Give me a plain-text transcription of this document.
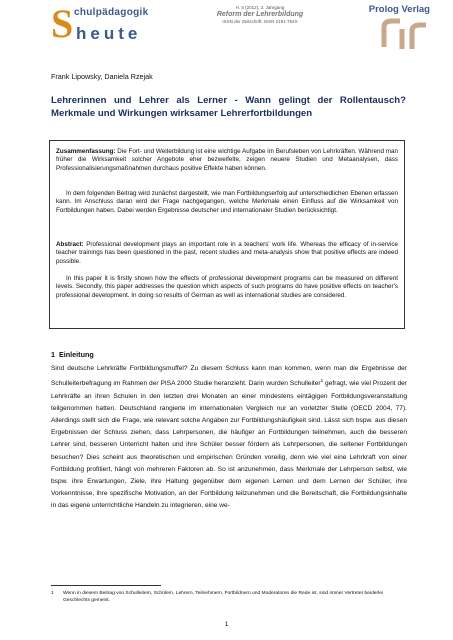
S chulpädagogik
heute
H. 5 (2012), 3. Jahrgang
Reform der Lehrerbildung
ISSN der Zeitschrift: ISSN 2191-754X
Prolog Verlag
Frank Lipowsky, Daniela Rzejak
Lehrerinnen und Lehrer als Lerner - Wann gelingt der Rollentausch? Merkmale und Wirkungen wirksamer Lehrerfortbildungen
Zusammenfassung: Die Fort- und Weiterbildung ist eine wichtige Aufgabe im Berufsleben von Lehrkräften. Während man früher die Wirksamkeit solcher Angebote eher bezweifelte, zeigen neuere Studien und Metaanalysen, dass Professionalisierungsmaßnahmen durchaus positive Effekte haben können.
In dem folgenden Beitrag wird zunächst dargestellt, wie man Fortbildungserfolg auf unterschiedlichen Ebenen erfassen kann. Im Anschluss daran wird der Frage nachgegangen, welche Merkmale einen Einfluss auf die Wirksamkeit von Fortbildungen haben. Dabei werden Ergebnisse deutscher und internationaler Studien berücksichtigt.
Abstract: Professional development plays an important role in a teachers' work life. Whereas the efficacy of in-service teacher trainings has been questioned in the past, recent studies and meta-analysis show that positive effects are indeed possible.
In this paper it is firstly shown how the effects of professional development programs can be measured on different levels. Secondly, this paper addresses the question which aspects of such programs do have positive effects on teacher's professional development. In doing so results of German as well as international studies are considered.
1 Einleitung
Sind deutsche Lehrkräfte Fortbildungsmuffel? Zu diesem Schluss kann man kommen, wenn man die Ergebnisse der Schulleiterbefragung im Rahmen der PISA 2000 Studie heranzieht. Darin wurden Schulleiter$^1$ gefragt, wie viel Prozent der Lehrkräfte an ihren Schulen in den letzten drei Monaten an einer mindestens eintägigen Fortbildungsveranstaltung teilgenommen hatten. Deutschland rangierte im internationalen Vergleich nur an vorletzter Stelle (OECD 2004, 77). Allerdings stellt sich die Frage, wie relevant solche Angaben zur Fortbildungshäufigkeit sind. Lässt sich bspw. aus diesen Ergebnissen der Schluss ziehen, dass Lehrpersonen, die häufiger an Fortbildungen teilnehmen, auch die besseren Lehrer sind, besseren Unterricht halten und ihre Schüler besser fördern als Lehrpersonen, die seltener Fortbildungen besuchen? Dies scheint aus theoretischen und empirischen Gründen voreilig, denn wie viel eine Lehrkraft von einer Fortbildung profitiert, hängt von mehreren Faktoren ab. So ist anzunehmen, dass Merkmale der Lehrperson selbst, wie bspw. ihre Erwartungen, Ziele, ihre Haltung gegenüber dem eigenen Lernen und dem Lernen der Schüler, ihre Vorkenntnisse, ihre spezifische Motivation, an der Fortbildung teilzunehmen und die Bereitschaft, die Fortbildungsinhalte in das eigene unterrichtliche Handeln zu integrieren, eine we-
1 Wenn in diesem Beitrag von Schulleitern, Schülern, Lehrern, Teilnehmern, Fortbildnern und Moderatoren die Rede ist, sind immer Vertreter beiderlei Geschlechts gemeint.
1
